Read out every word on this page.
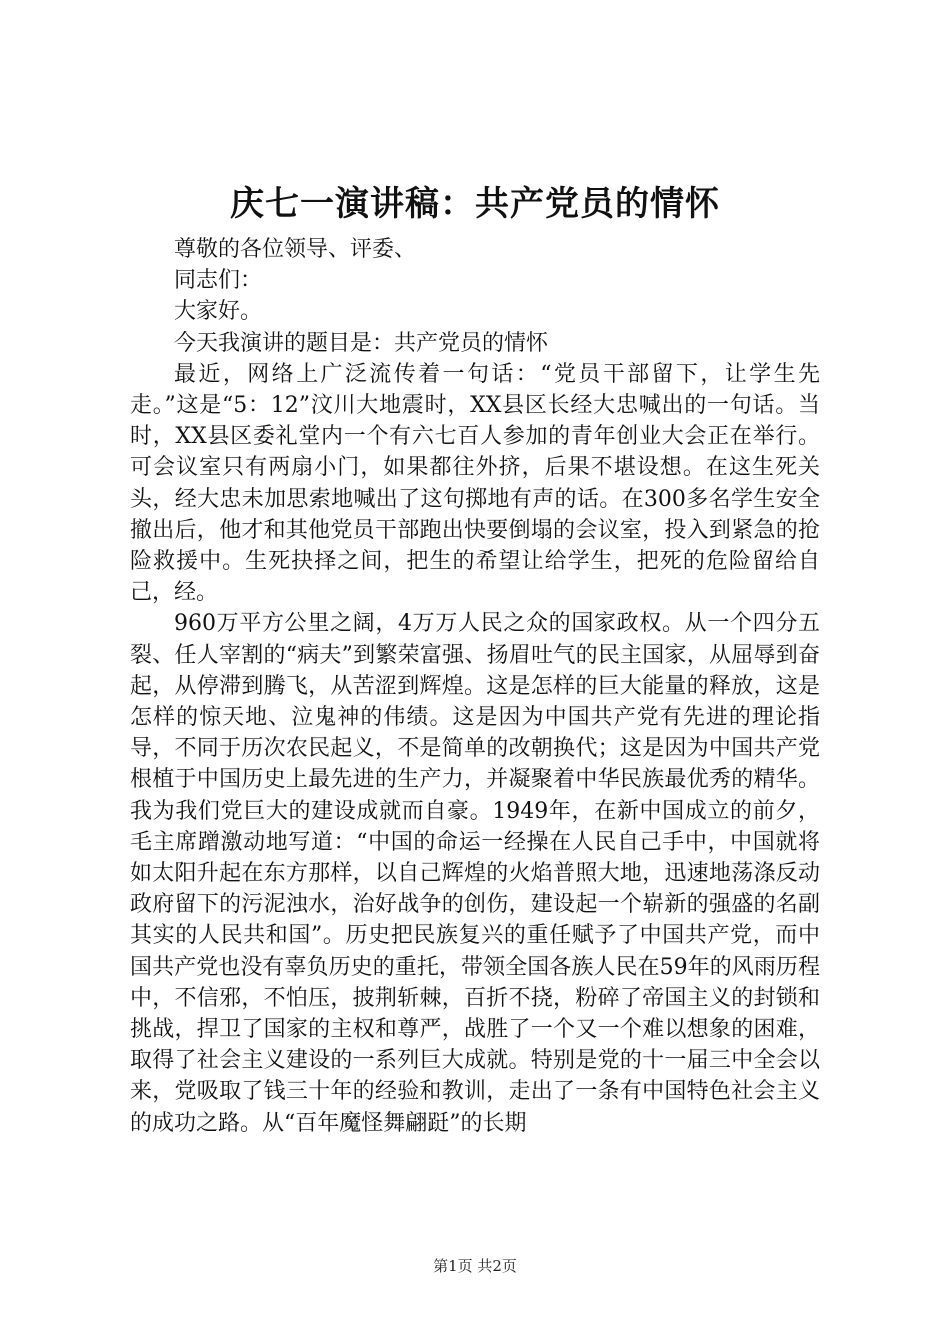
庆七一演讲稿：共产党员的情怀

尊敬的各位领导、评委、

同志们：

大家好。

今天我演讲的题目是：共产党员的情怀

最近，网络上广泛流传着一句话：“党员干部留下，让学生先走。”这是“5：12”汶川大地震时，XX县区长经大忠喊出的一句话。当时，XX县区委礼堂内一个有六七百人参加的青年创业大会正在举行。可会议室只有两扇小门，如果都往外挤，后果不堪设想。在这生死关头，经大忠未加思索地喊出了这句掷地有声的话。在300多名学生安全撤出后，他才和其他党员干部跑出快要倒塌的会议室，投入到紧急的抢险救援中。生死抉择之间，把生的希望让给学生，把死的危险留给自己，经。

960万平方公里之阔，4万万人民之众的国家政权。从一个四分五裂、任人宰割的“病夫”到繁荣富强、扬眉吐气的民主国家，从屈辱到奋起，从停滞到腾飞，从苦涩到辉煌。这是怎样的巨大能量的释放，这是怎样的惊天地、泣鬼神的伟绩。这是因为中国共产党有先进的理论指导，不同于历次农民起义，不是简单的改朝换代；这是因为中国共产党根植于中国历史上最先进的生产力，并凝聚着中华民族最优秀的精华。我为我们党巨大的建设成就而自豪。1949年，在新中国成立的前夕，毛主席蹭激动地写道：“中国的命运一经操在人民自己手中，中国就将如太阳升起在东方那样，以自己辉煌的火焰普照大地，迅速地荡涤反动政府留下的污泥浊水，治好战争的创伤，建设起一个崭新的强盛的名副其实的人民共和国”。历史把民族复兴的重任赋予了中国共产党，而中国共产党也没有辜负历史的重托，带领全国各族人民在59年的风雨历程中，不信邪，不怕压，披荆斩棘，百折不挠，粉碎了帝国主义的封锁和挑战，捍卫了国家的主权和尊严，战胜了一个又一个难以想象的困难，取得了社会主义建设的一系列巨大成就。特别是党的十一届三中全会以来，党吸取了钱三十年的经验和教训，走出了一条有中国特色社会主义的成功之路。从“百年魔怪舞翩跹”的长期

第1页 共2页
